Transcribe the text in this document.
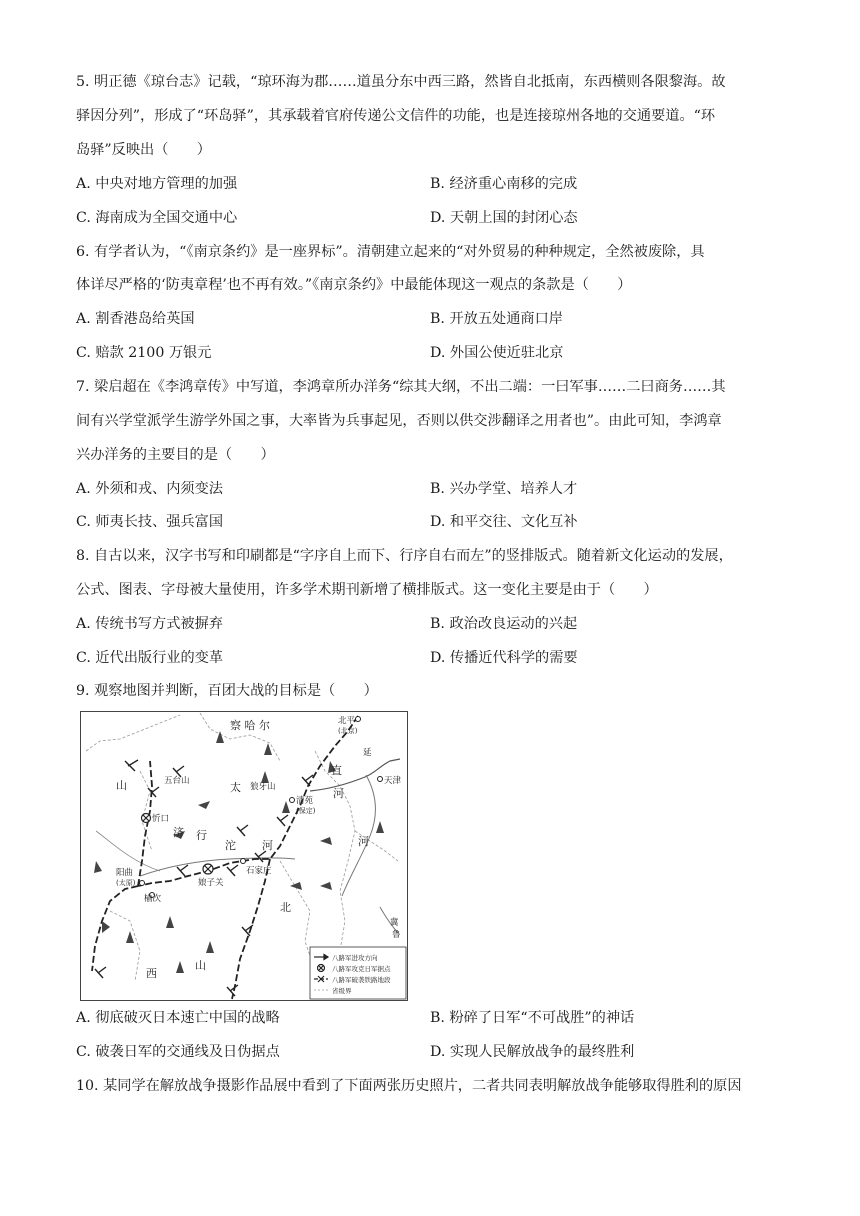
5. 明正德《琼台志》记载，“琼环海为郡……道虽分东中西三路，然皆自北抵南，东西横则各限黎海。故
驿因分列”，形成了“环岛驿”，其承载着官府传递公文信件的功能，也是连接琼州各地的交通要道。“环
岛驿”反映出（　　）
A. 中央对地方管理的加强	B. 经济重心南移的完成
C. 海南成为全国交通中心	D. 天朝上国的封闭心态
6. 有学者认为，“《南京条约》是一座界标”。清朝建立起来的“对外贸易的种种规定，全然被废除，具
体详尽严格的‘防夷章程’也不再有效。”《南京条约》中最能体现这一观点的条款是（　　）
A. 割香港岛给英国	B. 开放五处通商口岸
C. 赔款 2100 万银元	D. 外国公使近驻北京
7. 梁启超在《李鸿章传》中写道，李鸿章所办洋务“综其大纲，不出二端：一曰军事……二曰商务……其
间有兴学堂派学生游学外国之事，大率皆为兵事起见，否则以供交涉翻译之用者也”。由此可知，李鸿章
兴办洋务的主要目的是（　　）
A. 外须和戎、内须变法	B. 兴办学堂、培养人才
C. 师夷长技、强兵富国	D. 和平交往、文化互补
8. 自古以来，汉字书写和印刷都是“字序自上而下、行序自右而左”的竖排版式。随着新文化运动的发展，
公式、图表、字母被大量使用，许多学术期刊新增了横排版式。这一变化主要是由于（　　）
A. 传统书写方式被摒弃	B. 政治改良运动的兴起
C. 近代出版行业的变革	D. 传播近代科学的需要
9. 观察地图并判断，百团大战的目标是（　　）
察 哈 尔
太
山
直
河
济 行
沱 河	河
北
西
山
北平
(北京)
天津
延
五台山
狼牙山
清苑
(保定)
忻口
阳曲
(太原)	娘子关
石家庄
榆次
冀
鲁
八路军进攻方向
八路军攻克日军据点
八路军破袭铁路地段
省级界
A. 彻底破灭日本速亡中国的战略	B. 粉碎了日军“不可战胜”的神话
C. 破袭日军的交通线及日伪据点	D. 实现人民解放战争的最终胜利
10. 某同学在解放战争摄影作品展中看到了下面两张历史照片，二者共同表明解放战争能够取得胜利的原因
